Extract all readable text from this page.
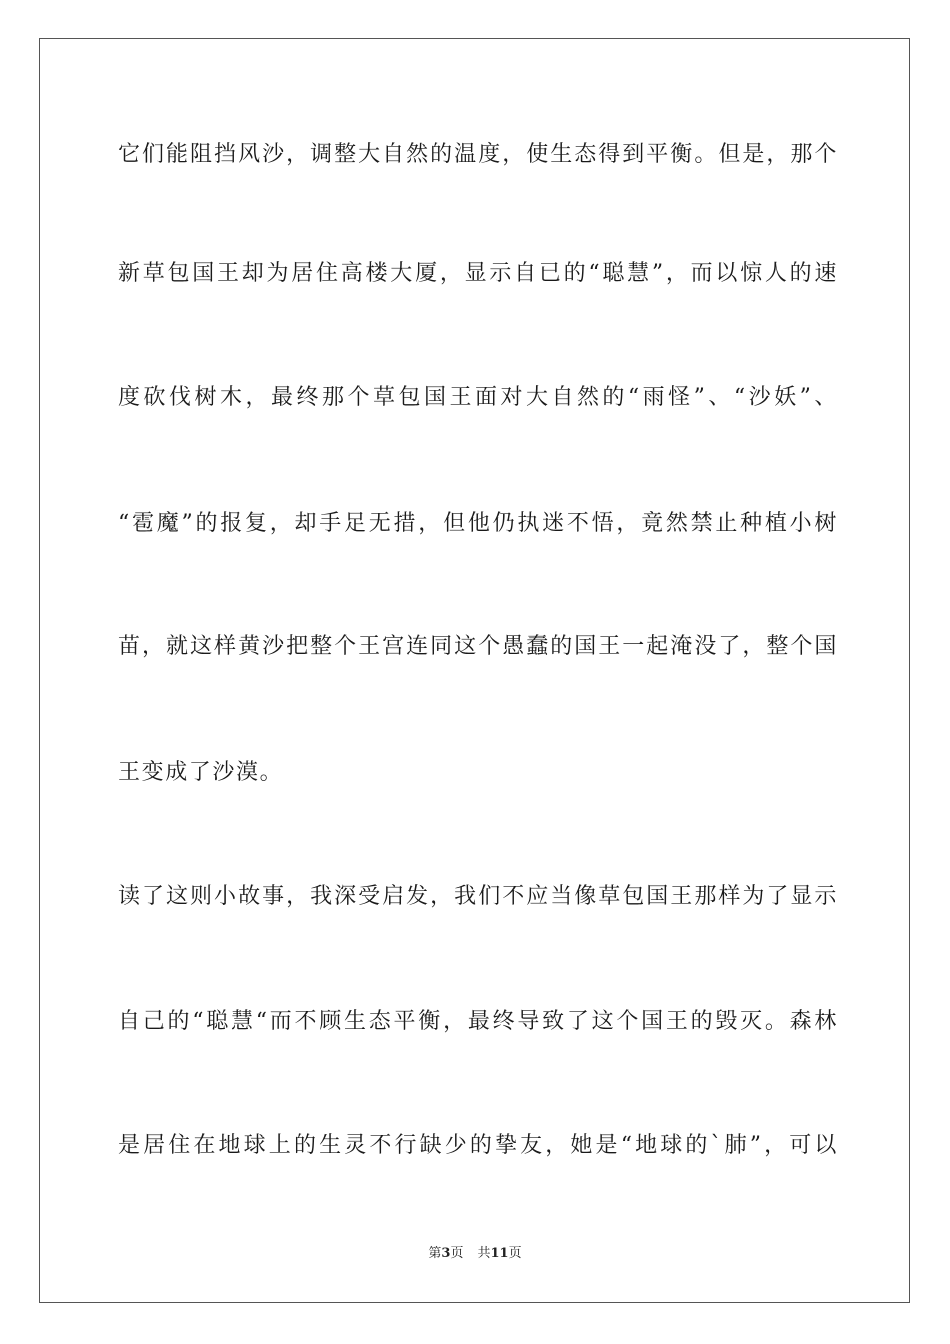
它们能阻挡风沙，调整大自然的温度，使生态得到平衡。但是，那个
新草包国王却为居住高楼大厦，显示自已的“聪慧”，而以惊人的速
度砍伐树木，最终那个草包国王面对大自然的“雨怪”、“沙妖”、
“雹魔”的报复，却手足无措，但他仍执迷不悟，竟然禁止种植小树
苗，就这样黄沙把整个王宫连同这个愚蠢的国王一起淹没了，整个国
王变成了沙漠。
读了这则小故事，我深受启发，我们不应当像草包国王那样为了显示
自己的“聪慧“而不顾生态平衡，最终导致了这个国王的毁灭。森林
是居住在地球上的生灵不行缺少的挚友，她是“地球的`肺”，可以
第3页 共11页
